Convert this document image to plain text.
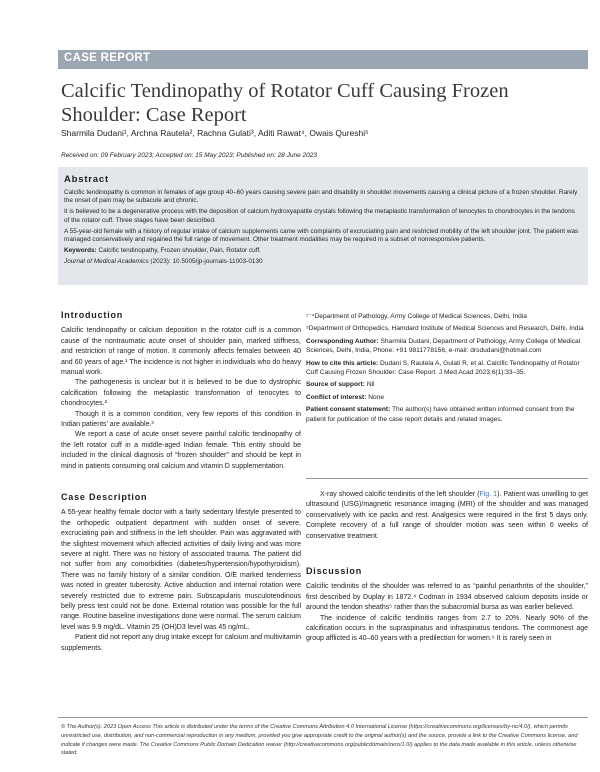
CASE REPORT
Calcific Tendinopathy of Rotator Cuff Causing Frozen Shoulder: Case Report
Sharmila Dudani¹, Archna Rautela², Rachna Gulati³, Aditi Rawat⁴, Owais Qureshi⁵
Received on: 09 February 2023; Accepted on: 15 May 2023; Published on: 28 June 2023
Abstract

Calcific tendinopathy is common in females of age group 40–60 years causing severe pain and disability in shoulder movements causing a clinical picture of a frozen shoulder. Rarely the onset of pain may be subacute and chronic.

It is believed to be a degenerative process with the deposition of calcium hydroxyapatite crystals following the metaplastic transformation of tenocytes to chondrocytes in the tendons of the rotator cuff. Three stages have been described.

A 55-year-old female with a history of regular intake of calcium supplements came with complaints of excruciating pain and restricted mobility of the left shoulder joint. The patient was managed conservatively and regained the full range of movement. Other treatment modalities may be required in a subset of nonresponsive patients.

Keywords: Calcific tendinopathy, Frozen shoulder, Pain, Rotator cuff.

Journal of Medical Academics (2023): 10.5005/jp-journals-11003-0130

Introduction

Calcific tendinopathy or calcium deposition in the rotator cuff is a common cause of the nontraumatic acute onset of shoulder pain, marked stiffness, and restriction of range of motion. It commonly affects females between 40 and 60 years of age.¹ The incidence is not higher in individuals who do heavy manual work.

The pathogenesis is unclear but it is believed to be due to dystrophic calcification following the metaplastic transformation of tenocytes to chondrocytes.²

Though it is a common condition, very few reports of this condition in Indian patients’ are available.³

We report a case of acute onset severe painful calcific tendinopathy of the left rotator cuff in a middle-aged Indian female. This entity should be included in the clinical diagnosis of “frozen shoulder” and should be kept in mind in patients consuming oral calcium and vitamin D supplementation.

Case Description

A 55-year healthy female doctor with a fairly sedentary lifestyle presented to the orthopedic outpatient department with sudden onset of severe, excruciating pain and stiffness in the left shoulder. Pain was aggravated with the slightest movement which affected activities of daily living and was more severe at night. There was no history of associated trauma. The patient did not suffer from any comorbidities (diabetes/hypertension/hypothyroidism). There was no family history of a similar condition. O/E marked tenderness was noted in greater tuberosity. Active abduction and internal rotation were severely restricted due to extreme pain. Subscapularis musculotendinous belly press test could not be done. External rotation was possible for the full range. Routine baseline investigations done were normal. The serum calcium level was 9.9 mg/dL. Vitamin 25 (OH)D3 level was 45 ng/mL.

Patient did not report any drug intake except for calcium and multivitamin supplements.

¹⁻⁴Department of Pathology, Army College of Medical Sciences, Delhi, India

⁵Department of Orthopedics, Hamdard Institute of Medical Sciences and Research, Delhi, India

Corresponding Author: Sharmila Dudani, Department of Pathology, Army College of Medical Sciences, Delhi, India, Phone: +91 9811778156, e-mail: drsdudani@hotmail.com

How to cite this article: Dudani S, Rautela A, Gulati R, et al. Calcific Tendinopathy of Rotator Cuff Causing Frozen Shoulder: Case Report. J Med Acad 2023;6(1):33–35.

Source of support: Nil

Conflict of interest: None

Patient consent statement: The author(s) have obtained written informed consent from the patient for publication of the case report details and related images.

X-ray showed calcific tendinitis of the left shoulder (Fig. 1). Patient was unwilling to get ultrasound (USG)/magnetic resonance imaging (MRI) of the shoulder and was managed conservatively with ice packs and rest. Analgesics were required in the first 5 days only. Complete recovery of a full range of shoulder motion was seen within 6 weeks of conservative treatment.

Discussion

Calcific tendinitis of the shoulder was referred to as “painful periarthritis of the shoulder,” first described by Duplay in 1872.⁴ Codman in 1934 observed calcium deposits inside or around the tendon sheaths⁵ rather than the subacromial bursa as was earlier believed.

The incidence of calcific tendinitis ranges from 2.7 to 20%. Nearly 90% of the calcification occurs in the supraspinatus and infraspinatus tendons. The commonest age group afflicted is 40–60 years with a predilection for women.⁶ It is rarely seen in

© The Author(s). 2023 Open Access This article is distributed under the terms of the Creative Commons Attribution 4.0 International License (https://creativecommons.org/licenses/by-nc/4.0/), which permits unrestricted use, distribution, and non-commercial reproduction in any medium, provided you give appropriate credit to the original author(s) and the source, provide a link to the Creative Commons license, and indicate if changes were made. The Creative Commons Public Domain Dedication waiver (http://creativecommons.org/publicdomain/zero/1.0/) applies to the data made available in this article, unless otherwise stated.
